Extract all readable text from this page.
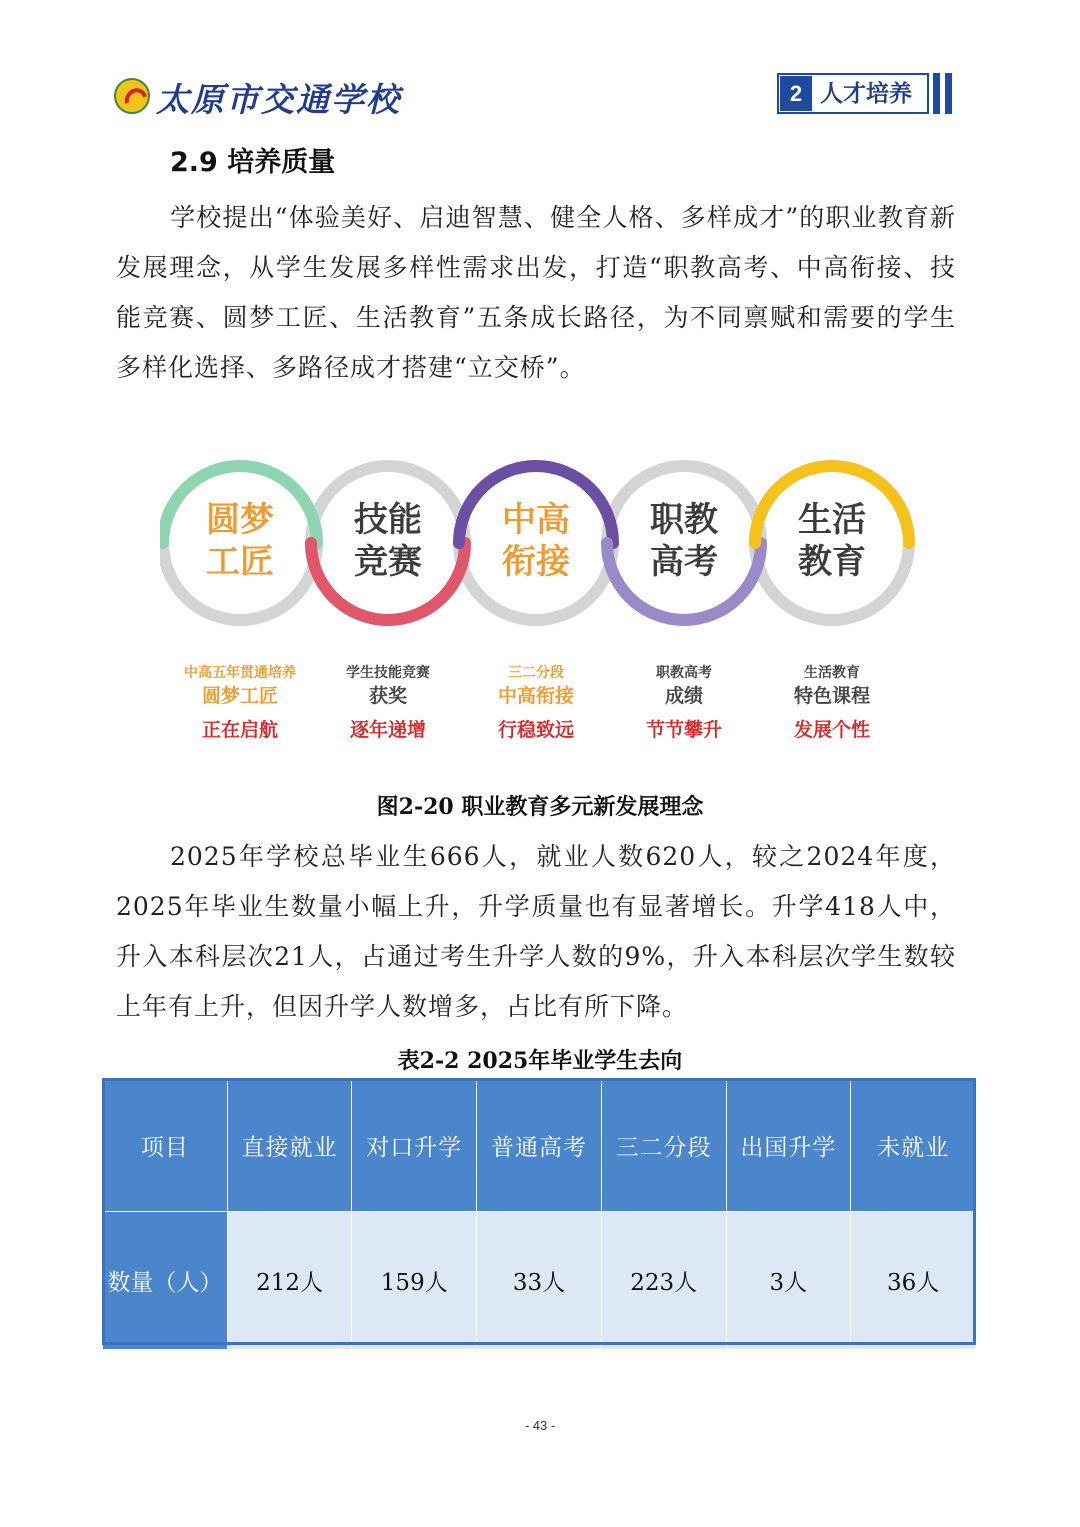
太原市交通学校	2 人才培养
2.9 培养质量
学校提出“体验美好、启迪智慧、健全人格、多样成才”的职业教育新发展理念，从学生发展多样性需求出发，打造“职教高考、中高衔接、技能竞赛、圆梦工匠、生活教育”五条成长路径，为不同禀赋和需要的学生多样化选择、多路径成才搭建“立交桥”。
圆梦
工匠
技能
竞赛
中高
衔接
职教
高考
生活
教育
中高五年贯通培养
圆梦工匠
正在启航
学生技能竞赛
获奖
逐年递增
三二分段
中高衔接
行稳致远
职教高考
成绩
节节攀升
生活教育
特色课程
发展个性
图2-20 职业教育多元新发展理念
2025年学校总毕业生666人，就业人数620人，较之2024年度，2025年毕业生数量小幅上升，升学质量也有显著增长。升学418人中，升入本科层次21人，占通过考生升学人数的9%，升入本科层次学生数较上年有上升，但因升学人数增多，占比有所下降。
表2-2 2025年毕业学生去向
项目	直接就业	对口升学	普通高考	三二分段	出国升学	未就业
数量（人）	212人	159人	33人	223人	3人	36人
- 43 -
